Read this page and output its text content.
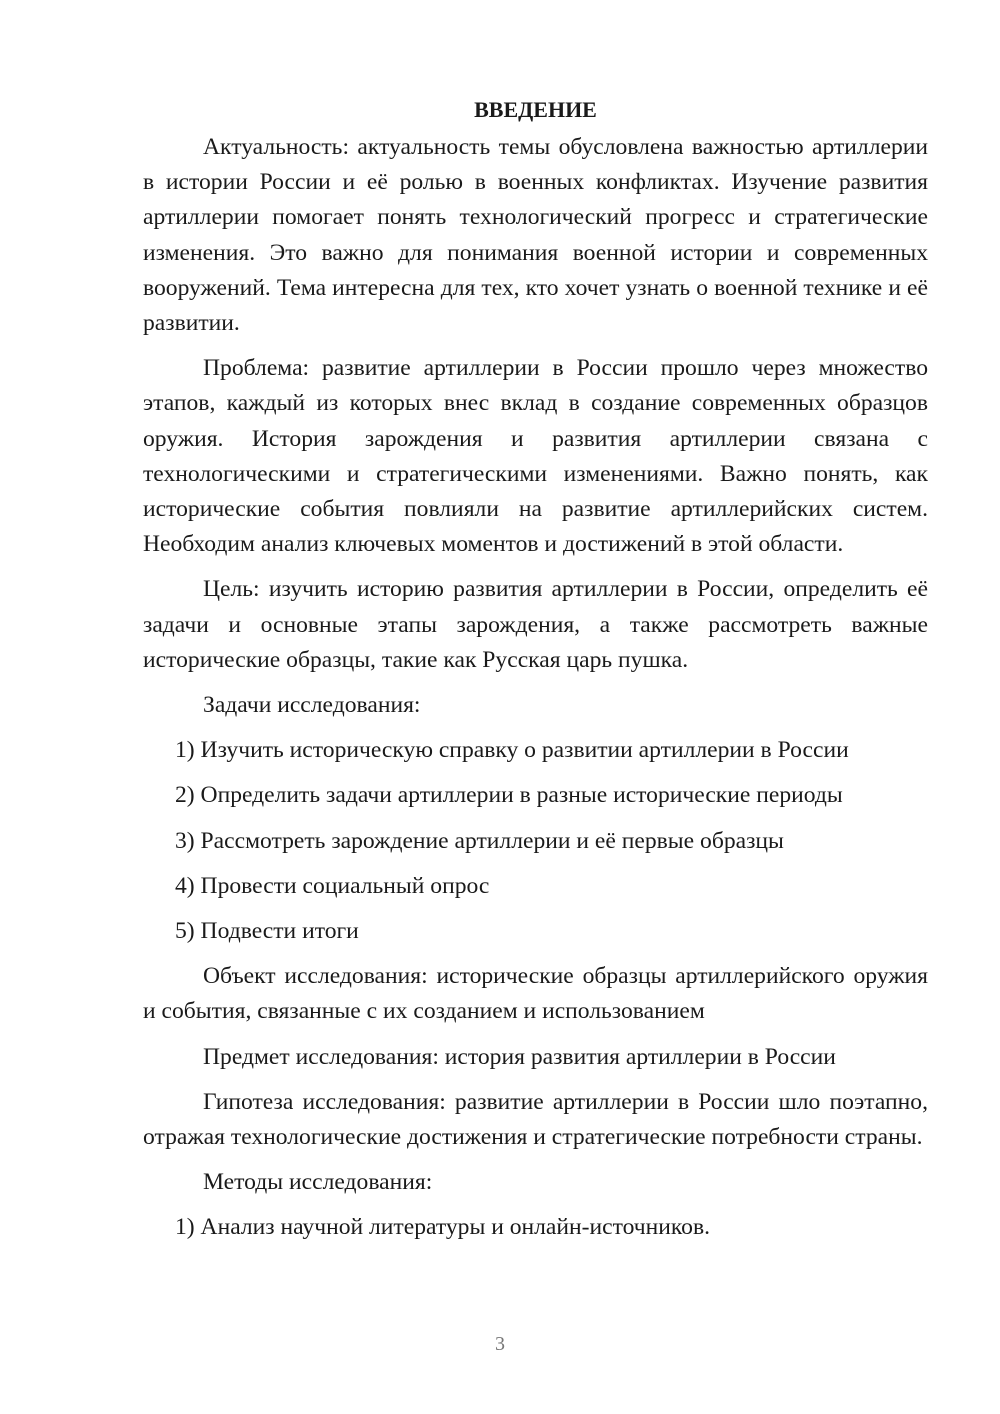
ВВЕДЕНИЕ

Актуальность: актуальность темы обусловлена важностью артиллерии в истории России и её ролью в военных конфликтах. Изучение развития артиллерии помогает понять технологический прогресс и стратегические изменения. Это важно для понимания военной истории и современных вооружений. Тема интересна для тех, кто хочет узнать о военной технике и её развитии.

Проблема: развитие артиллерии в России прошло через множество этапов, каждый из которых внес вклад в создание современных образцов оружия. История зарождения и развития артиллерии связана с технологическими и стратегическими изменениями. Важно понять, как исторические события повлияли на развитие артиллерийских систем. Необходим анализ ключевых моментов и достижений в этой области.

Цель: изучить историю развития артиллерии в России, определить её задачи и основные этапы зарождения, а также рассмотреть важные исторические образцы, такие как Русская царь пушка.

Задачи исследования:

1) Изучить историческую справку о развитии артиллерии в России
2) Определить задачи артиллерии в разные исторические периоды
3) Рассмотреть зарождение артиллерии и её первые образцы
4) Провести социальный опрос
5) Подвести итоги

Объект исследования: исторические образцы артиллерийского оружия и события, связанные с их созданием и использованием

Предмет исследования: история развития артиллерии в России

Гипотеза исследования: развитие артиллерии в России шло поэтапно, отражая технологические достижения и стратегические потребности страны.

Методы исследования:

1) Анализ научной литературы и онлайн-источников.
3
